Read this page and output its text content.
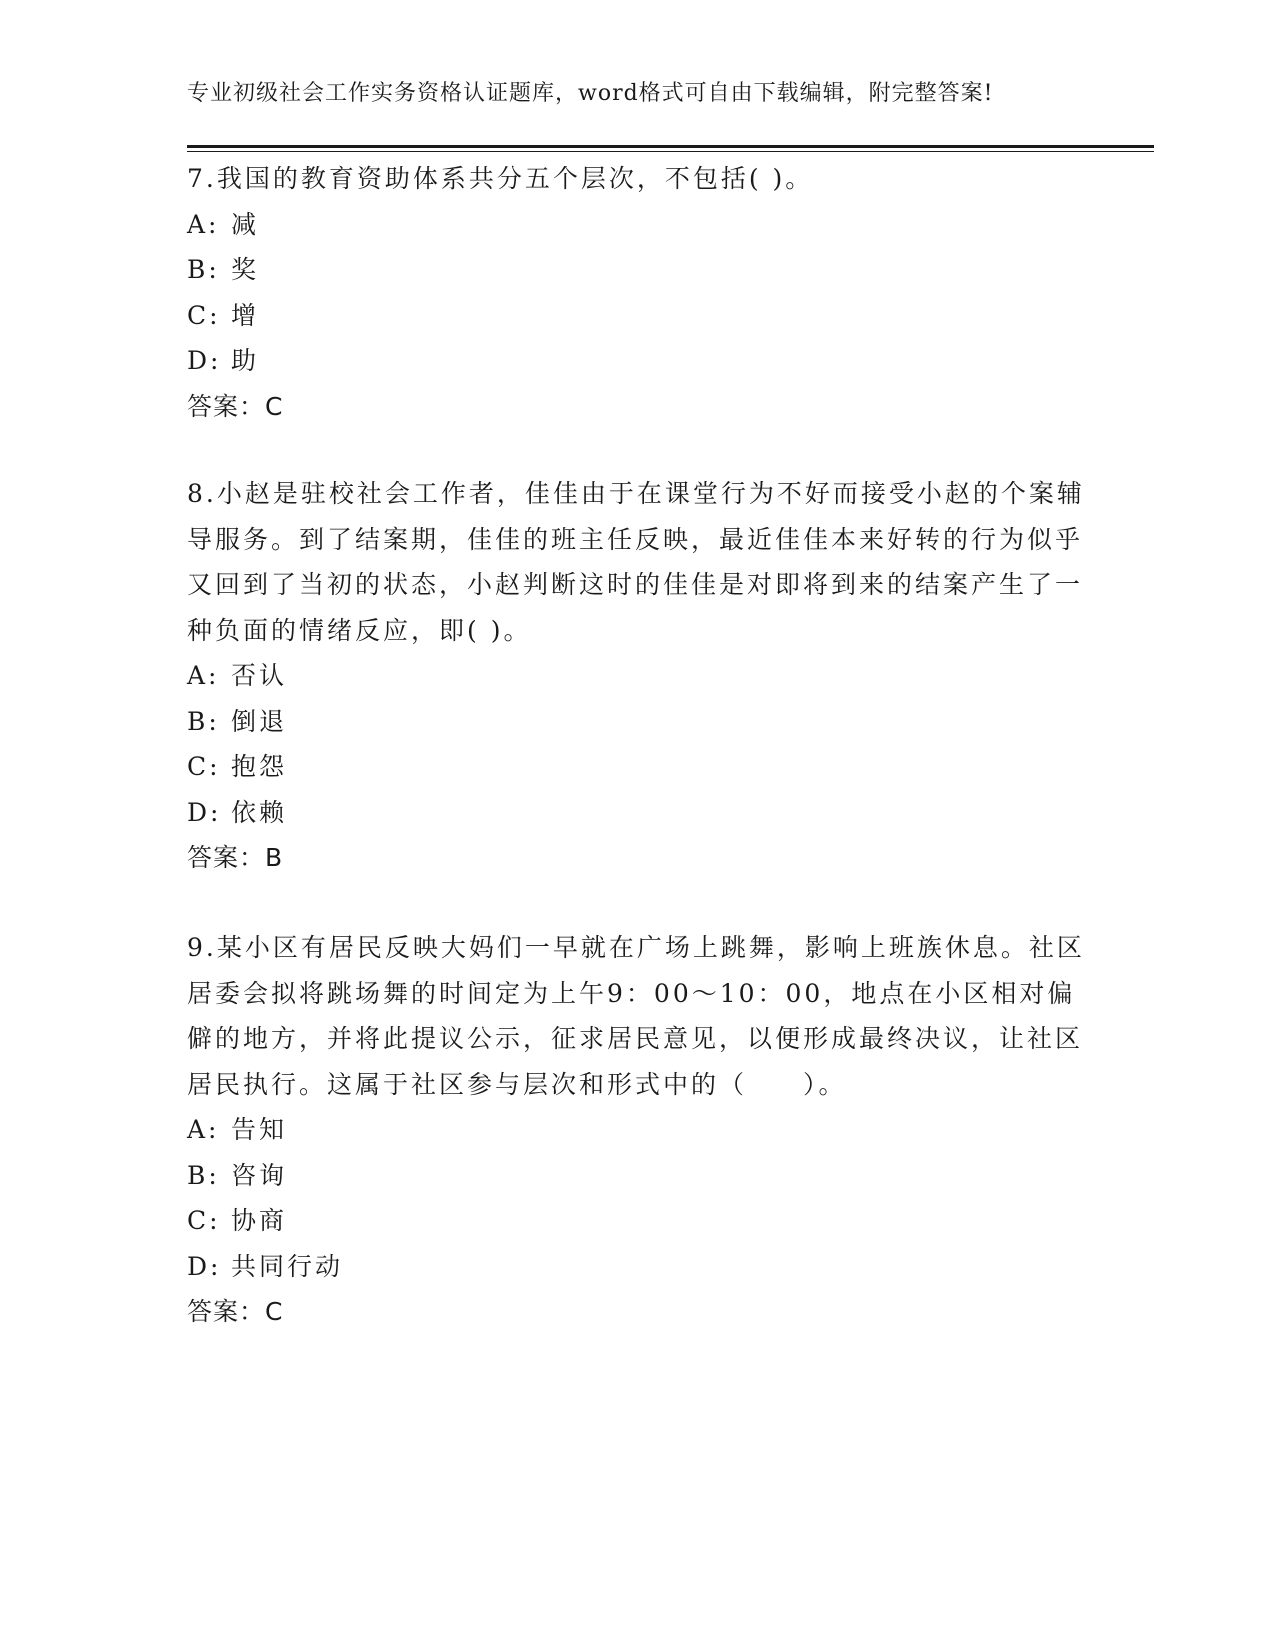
专业初级社会工作实务资格认证题库，word格式可自由下载编辑，附完整答案!

7.我国的教育资助体系共分五个层次，不包括( )。

A: 减
B: 奖
C: 增
D: 助
答案：C

8.小赵是驻校社会工作者，佳佳由于在课堂行为不好而接受小赵的个案辅导服务。到了结案期，佳佳的班主任反映，最近佳佳本来好转的行为似乎又回到了当初的状态，小赵判断这时的佳佳是对即将到来的结案产生了一种负面的情绪反应，即( )。

A: 否认
B: 倒退
C: 抱怨
D: 依赖
答案：B

9.某小区有居民反映大妈们一早就在广场上跳舞，影响上班族休息。社区居委会拟将跳场舞的时间定为上午9：00～10：00，地点在小区相对偏僻的地方，并将此提议公示，征求居民意见，以便形成最终决议，让社区居民执行。这属于社区参与层次和形式中的（　　）。

A: 告知
B: 咨询
C: 协商
D: 共同行动
答案：C
